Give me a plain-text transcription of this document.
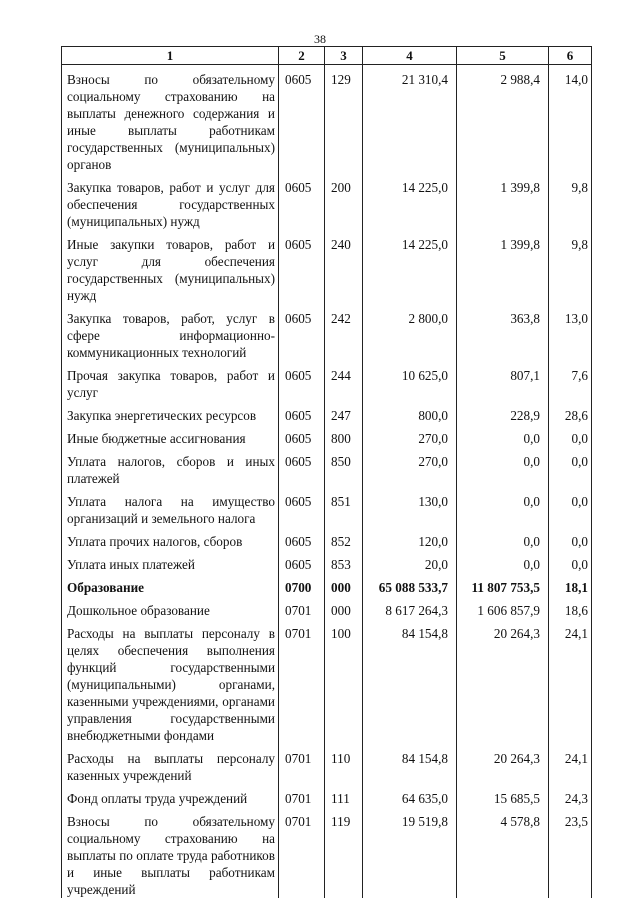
38
1	2	3	4	5	6
Взносы по обязательному социальному страхованию на выплаты денежного содержания и иные выплаты работникам государственных (муниципальных) органов	0605	129	21 310,4	2 988,4	14,0
Закупка товаров, работ и услуг для обеспечения государственных (муниципальных) нужд	0605	200	14 225,0	1 399,8	9,8
Иные закупки товаров, работ и услуг для обеспечения государственных (муниципальных) нужд	0605	240	14 225,0	1 399,8	9,8
Закупка товаров, работ, услуг в сфере информационно-коммуникационных технологий	0605	242	2 800,0	363,8	13,0
Прочая закупка товаров, работ и услуг	0605	244	10 625,0	807,1	7,6
Закупка энергетических ресурсов	0605	247	800,0	228,9	28,6
Иные бюджетные ассигнования	0605	800	270,0	0,0	0,0
Уплата налогов, сборов и иных платежей	0605	850	270,0	0,0	0,0
Уплата налога на имущество организаций и земельного налога	0605	851	130,0	0,0	0,0
Уплата прочих налогов, сборов	0605	852	120,0	0,0	0,0
Уплата иных платежей	0605	853	20,0	0,0	0,0
Образование	0700	000	65 088 533,7	11 807 753,5	18,1
Дошкольное образование	0701	000	8 617 264,3	1 606 857,9	18,6
Расходы на выплаты персоналу в целях обеспечения выполнения функций государственными (муниципальными) органами, казенными учреждениями, органами управления государственными внебюджетными фондами	0701	100	84 154,8	20 264,3	24,1
Расходы на выплаты персоналу казенных учреждений	0701	110	84 154,8	20 264,3	24,1
Фонд оплаты труда учреждений	0701	111	64 635,0	15 685,5	24,3
Взносы по обязательному социальному страхованию на выплаты по оплате труда работников и иные выплаты работникам учреждений	0701	119	19 519,8	4 578,8	23,5
